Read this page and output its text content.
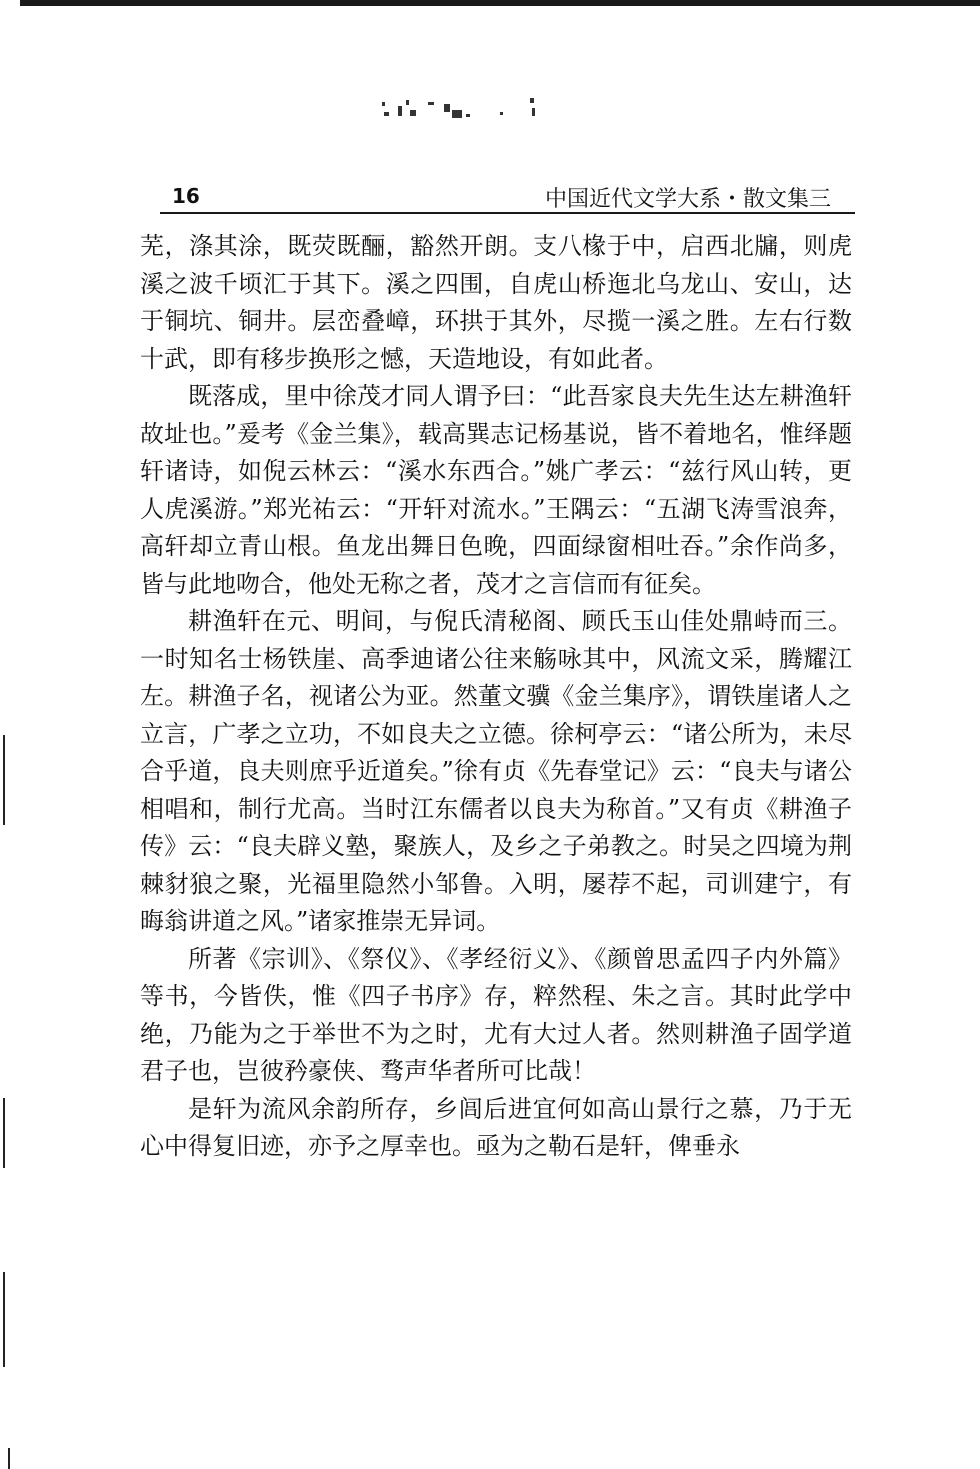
16	中国近代文学大系・散文集三

芜，涤其涂，既荧既酾，豁然开朗。支八椽于中，启西北牖，则虎溪之波千顷汇于其下。溪之四围，自虎山桥迤北乌龙山、安山，达于铜坑、铜井。层峦叠嶂，环拱于其外，尽揽一溪之胜。左右行数十武，即有移步换形之憾，天造地设，有如此者。

既落成，里中徐茂才同人谓予曰：“此吾家良夫先生达左耕渔轩故址也。”爰考《金兰集》，载高巽志记杨基说，皆不着地名，惟绎题轩诸诗，如倪云林云：“溪水东西合。”姚广孝云：“兹行风山转，更人虎溪游。”郑光祐云：“开轩对流水。”王隅云：“五湖飞涛雪浪奔，高轩却立青山根。鱼龙出舞日色晚，四面绿窗相吐吞。”余作尚多，皆与此地吻合，他处无称之者，茂才之言信而有征矣。

耕渔轩在元、明间，与倪氏清秘阁、顾氏玉山佳处鼎峙而三。一时知名士杨铁崖、高季迪诸公往来觞咏其中，风流文采，腾耀江左。耕渔子名，视诸公为亚。然董文骥《金兰集序》，谓铁崖诸人之立言，广孝之立功，不如良夫之立德。徐柯亭云：“诸公所为，未尽合乎道，良夫则庶乎近道矣。”徐有贞《先春堂记》云：“良夫与诸公相唱和，制行尤高。当时江东儒者以良夫为称首。”又有贞《耕渔子传》云：“良夫辟义塾，聚族人，及乡之子弟教之。时吴之四境为荆棘豺狼之聚，光福里隐然小邹鲁。入明，屡荐不起，司训建宁，有晦翁讲道之风。”诸家推崇无异词。

所著《宗训》、《祭仪》、《孝经衍义》、《颜曾思孟四子内外篇》等书，今皆佚，惟《四子书序》存，粹然程、朱之言。其时此学中绝，乃能为之于举世不为之时，尤有大过人者。然则耕渔子固学道君子也，岂彼矜豪侠、骛声华者所可比哉！

是轩为流风余韵所存，乡闾后进宜何如高山景行之慕，乃于无心中得复旧迹，亦予之厚幸也。亟为之勒石是轩，俾垂永
